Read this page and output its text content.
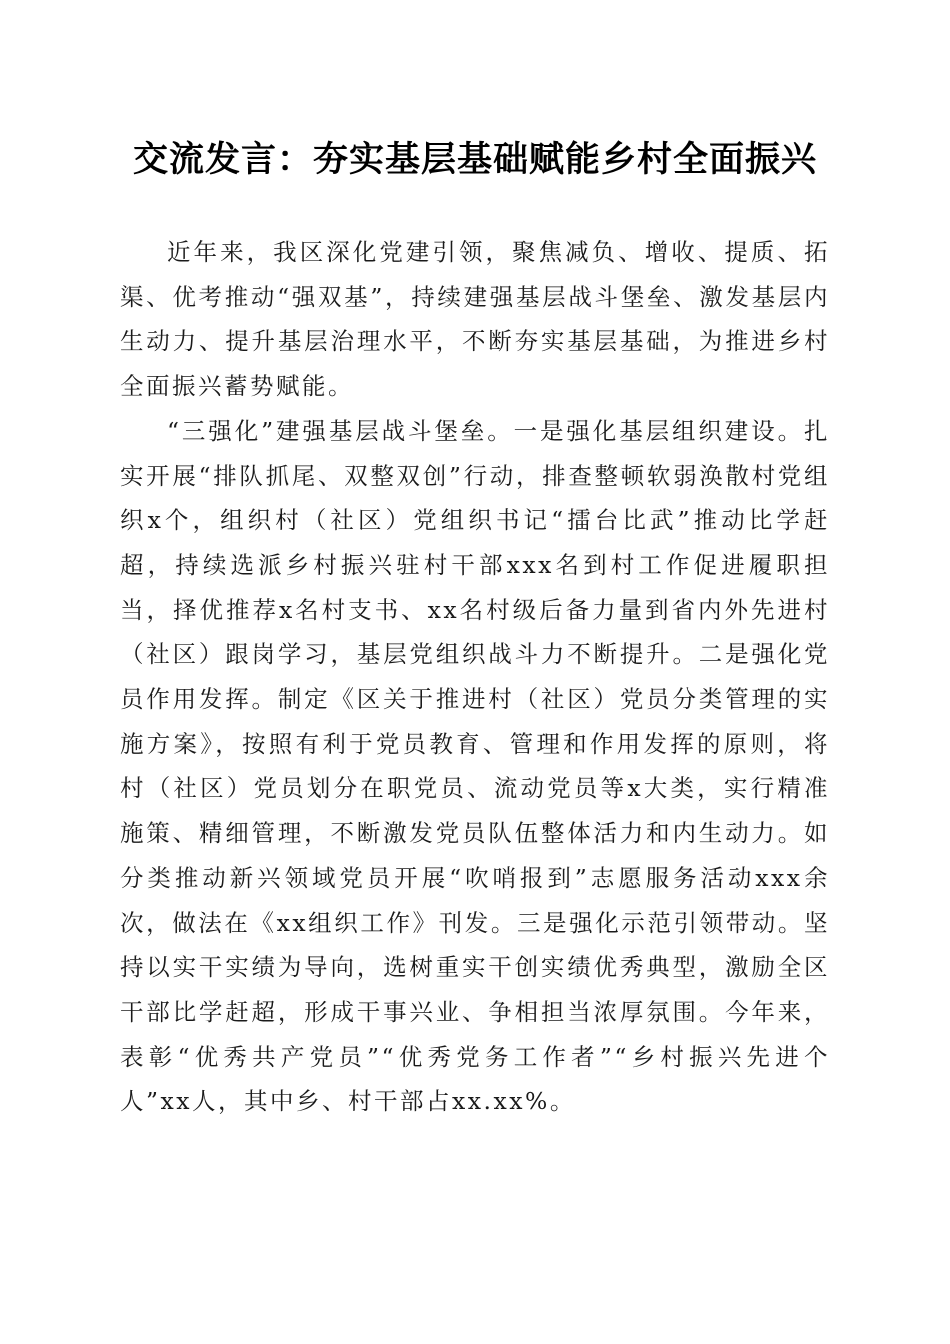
交流发言：夯实基层基础赋能乡村全面振兴

近年来，我区深化党建引领，聚焦减负、增收、提质、拓渠、优考推动“强双基”，持续建强基层战斗堡垒、激发基层内生动力、提升基层治理水平，不断夯实基层基础，为推进乡村全面振兴蓄势赋能。

“三强化”建强基层战斗堡垒。一是强化基层组织建设。扎实开展“排队抓尾、双整双创”行动，排查整顿软弱涣散村党组织x个，组织村（社区）党组织书记“擂台比武”推动比学赶超，持续选派乡村振兴驻村干部xxx名到村工作促进履职担当，择优推荐x名村支书、xx名村级后备力量到省内外先进村（社区）跟岗学习，基层党组织战斗力不断提升。二是强化党员作用发挥。制定《区关于推进村（社区）党员分类管理的实施方案》，按照有利于党员教育、管理和作用发挥的原则，将村（社区）党员划分在职党员、流动党员等x大类，实行精准施策、精细管理，不断激发党员队伍整体活力和内生动力。如分类推动新兴领域党员开展“吹哨报到”志愿服务活动xxx余次，做法在《xx组织工作》刊发。三是强化示范引领带动。坚持以实干实绩为导向，选树重实干创实绩优秀典型，激励全区干部比学赶超，形成干事兴业、争相担当浓厚氛围。今年来，表彰“优秀共产党员”“优秀党务工作者”“乡村振兴先进个人”xx人，其中乡、村干部占xx.xx%。
